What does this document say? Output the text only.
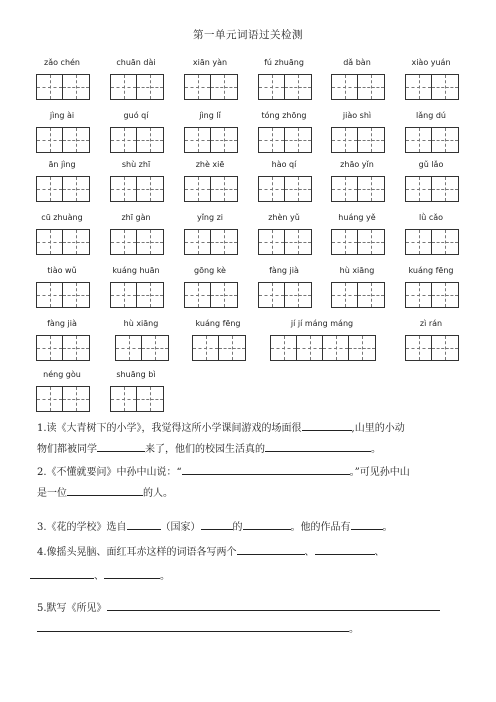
第一单元词语过关检测
zǎo chén	chuān dài	xiān yàn	fú zhuāng	dǎ bàn	xiào yuán
jìng ài	guó qí	jìng lǐ	tóng zhōng	jiào shì	lǎng dú
ān jìng	shù zhī	zhè xiē	hào qí	zhāo yǐn	gǔ lǎo
cū zhuàng	zhī gàn	yǐng zi	zhèn yǔ	huáng yě	lǜ cǎo
tiào wǔ	kuáng huān	gōng kè	fàng jià	hù xiāng	kuáng fēng
fàng jià	hù xiāng	kuáng fēng	jí jí máng máng	zì rán
néng gòu	shuāng bì
1.读《大青树下的小学》，我觉得这所小学课间游戏的场面很	,山里的小动
物们都被同学	来了，他们的校园生活真的	。
2.《不懂就要问》中孙中山说：“	。”可见孙中山
是一位	的人。
3.《花的学校》选自	（国家）	的	。他的作品有	。
4.像摇头晃脑、面红耳赤这样的词语各写两个	、	、
、	。
5.默写《所见》
。
